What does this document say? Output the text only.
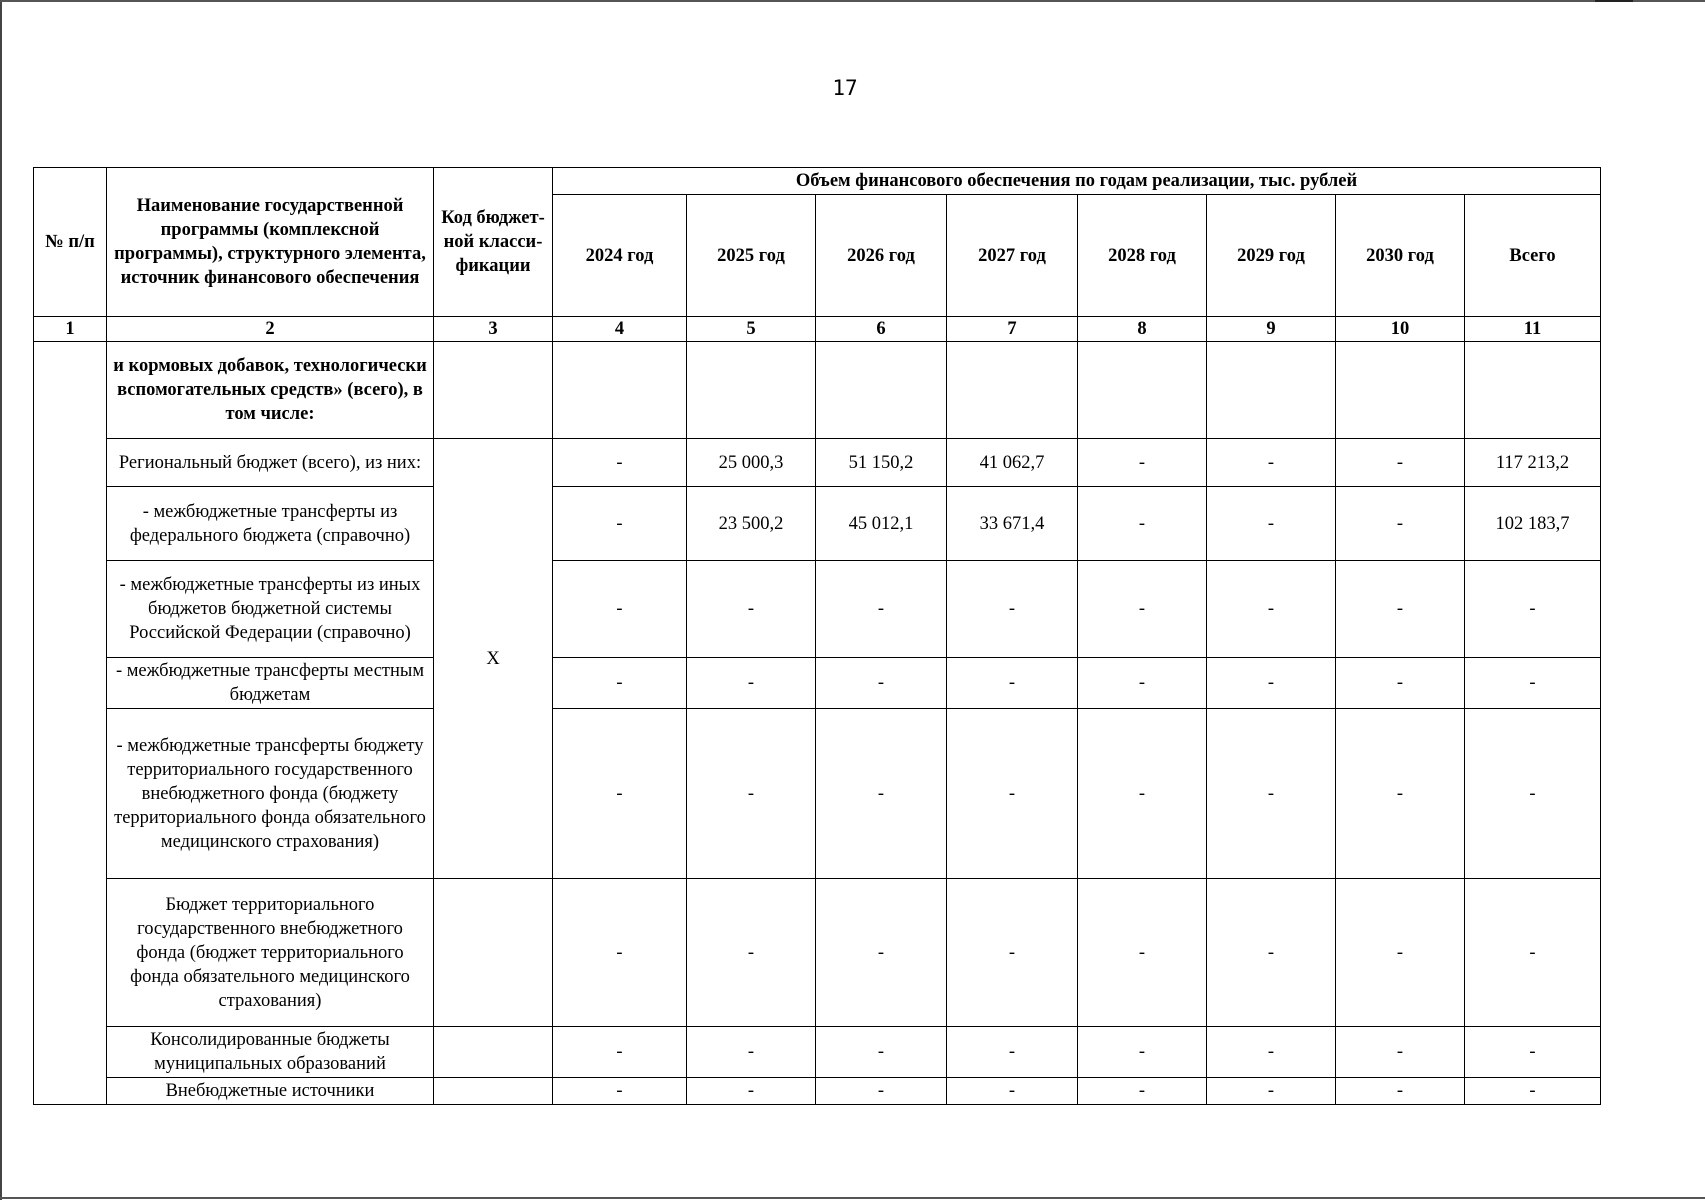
17
№ п/п	Наименование государственной программы (комплексной программы), структурного элемента, источник финансового обеспечения	Код бюджет-ной класси-фикации	Объем финансового обеспечения по годам реализации, тыс. рублей							
			2024 год	2025 год	2026 год	2027 год	2028 год	2029 год	2030 год	Всего
1	2	3	4	5	6	7	8	9	10	11
	и кормовых добавок, технологически вспомогательных средств» (всего), в том числе:									
	Региональный бюджет (всего), из них:	Х	-	25 000,3	51 150,2	41 062,7	-	-	-	117 213,2
	- межбюджетные трансферты из федерального бюджета (справочно)		-	23 500,2	45 012,1	33 671,4	-	-	-	102 183,7
	- межбюджетные трансферты из иных бюджетов бюджетной системы Российской Федерации (справочно)		-	-	-	-	-	-	-	-
	- межбюджетные трансферты местным бюджетам		-	-	-	-	-	-	-	-
	- межбюджетные трансферты бюджету территориального государственного внебюджетного фонда (бюджету территориального фонда обязательного медицинского страхования)		-	-	-	-	-	-	-	-
	Бюджет территориального государственного внебюджетного фонда (бюджет территориального фонда обязательного медицинского страхования)		-	-	-	-	-	-	-	-
	Консолидированные бюджеты муниципальных образований		-	-	-	-	-	-	-	-
	Внебюджетные источники		-	-	-	-	-	-	-	-
